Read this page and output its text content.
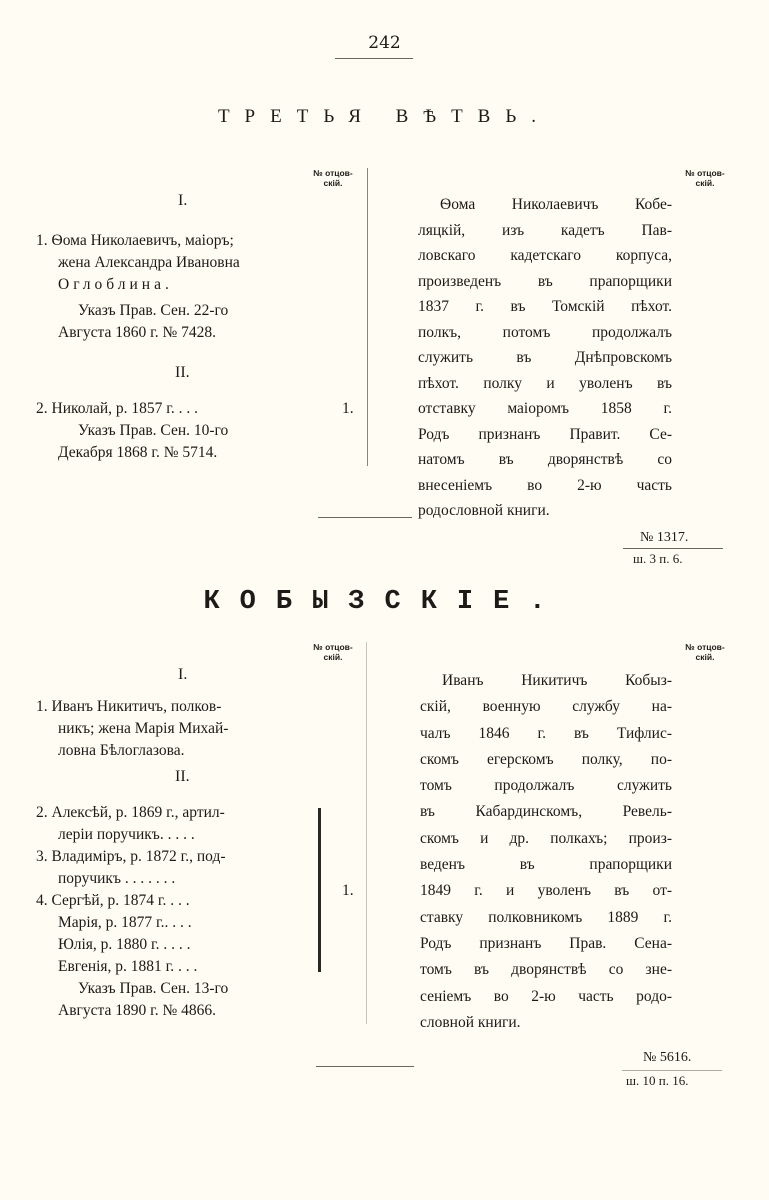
242
ТРЕТЬЯ ВѢТВЬ.
№ отцов-
скій.
№ отцов-
скій.
I.
1. Ѳома Николаевичъ, маіоръ;
жена Александра Ивановна
Оглоблина.
Указъ Прав. Сен. 22-го
Августа 1860 г. № 7428.
II.
2. Николай, р. 1857 г. . . .	1.
Указъ Прав. Сен. 10-го
Декабря 1868 г. № 5714.
Ѳома Николаевичъ Кобе-
ляцкій, изъ кадетъ Пав-
ловскаго кадетскаго корпуса,
произведенъ въ прапорщики
1837 г. въ Томскій пѣхот.
полкъ, потомъ продолжалъ
служить въ Днѣпровскомъ
пѣхот. полку и уволенъ въ
отставку маіоромъ 1858 г.
Родъ признанъ Правит. Се-
натомъ въ дворянствѣ со
внесеніемъ во 2-ю часть
родословной книги.
№ 1317.
ш. 3 п. 6.
КОБЫЗСКІЕ.
№ отцов-
скій.
№ отцов-
скій.
I.
1. Иванъ Никитичъ, полков-
никъ; жена Марія Михай-
ловна Бѣлоглазова.
II.
2. Алексѣй, р. 1869 г., артил-
леріи поручикъ. . . . .
3. Владиміръ, р. 1872 г., под-
поручикъ . . . . . . .
4. Сергѣй, р. 1874 г. . . .
Марія, р. 1877 г.. . . .
Юлія, р. 1880 г. . . . .
Евгенія, р. 1881 г. . . .
1.
Указъ Прав. Сен. 13-го
Августа 1890 г. № 4866.
Иванъ Никитичъ Кобыз-
скій, военную службу на-
чалъ 1846 г. въ Тифлис-
скомъ егерскомъ полку, по-
томъ продолжалъ служить
въ Кабардинскомъ, Ревель-
скомъ и др. полкахъ; произ-
веденъ въ прапорщики
1849 г. и уволенъ въ от-
ставку полковникомъ 1889 г.
Родъ признанъ Прав. Сена-
томъ въ дворянствѣ со зне-
сеніемъ во 2-ю часть родо-
словной книги.
№ 5616.
ш. 10 п. 16.
